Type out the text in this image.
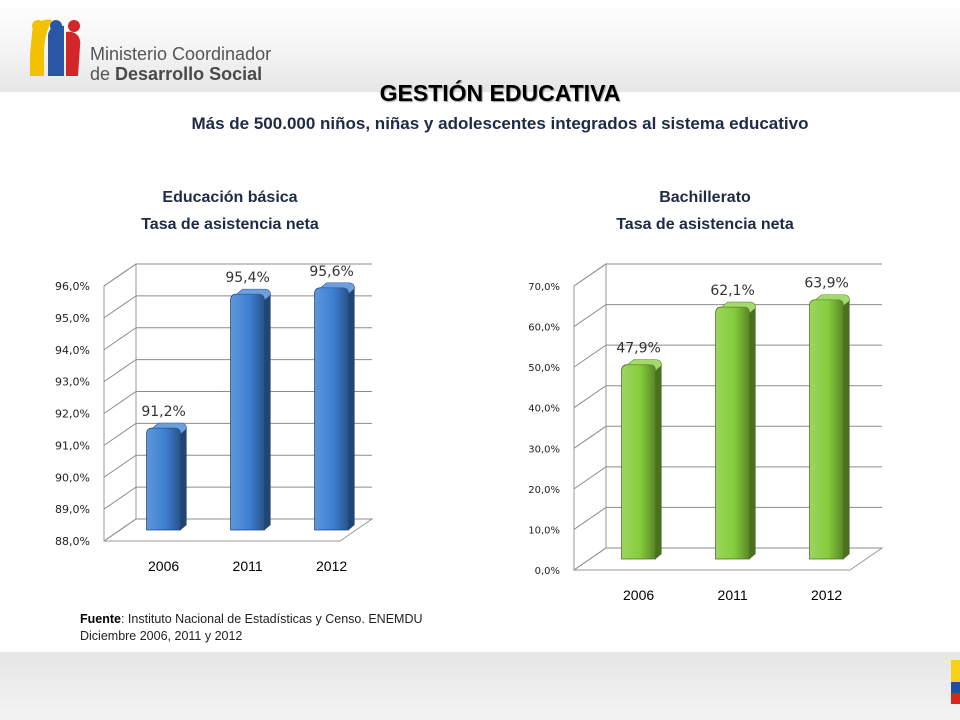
Ministerio Coordinador
de Desarrollo Social
GESTIÓN EDUCATIVA
Más de 500.000 niños, niñas y adolescentes integrados al sistema educativo
Educación básica
Tasa de asistencia neta
Bachillerato
Tasa de asistencia neta
88,0%
89,0%
90,0%
91,0%
92,0%
93,0%
94,0%
95,0%
96,0%
91,2%
2006
95,4%
2011
95,6%
2012	0,0%
10,0%
20,0%
30,0%
40,0%
50,0%
60,0%
70,0%
47,9%
2006
62,1%
2011
63,9%
2012
Fuente: Instituto Nacional de Estadísticas y Censo. ENEMDU
Diciembre 2006, 2011 y 2012
